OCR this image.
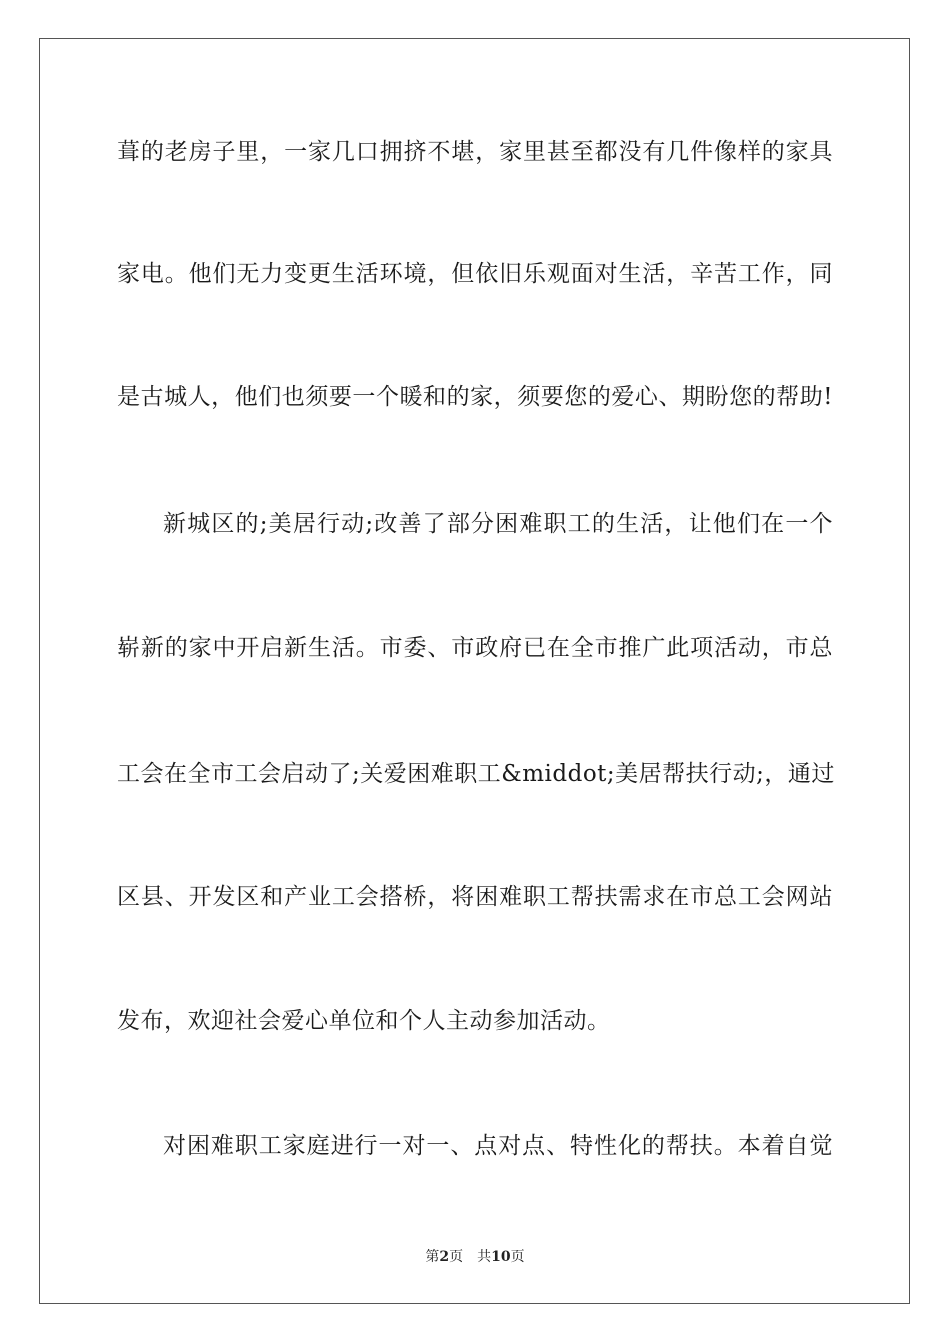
葺的老房子里，一家几口拥挤不堪，家里甚至都没有几件像样的家具
家电。他们无力变更生活环境，但依旧乐观面对生活，辛苦工作，同
是古城人，他们也须要一个暖和的家，须要您的爱心、期盼您的帮助!
新城区的;美居行动;改善了部分困难职工的生活，让他们在一个
崭新的家中开启新生活。市委、市政府已在全市推广此项活动，市总
工会在全市工会启动了;关爱困难职工&middot;美居帮扶行动;，通过
区县、开发区和产业工会搭桥，将困难职工帮扶需求在市总工会网站
发布，欢迎社会爱心单位和个人主动参加活动。
对困难职工家庭进行一对一、点对点、特性化的帮扶。本着自觉
第2页 共10页
